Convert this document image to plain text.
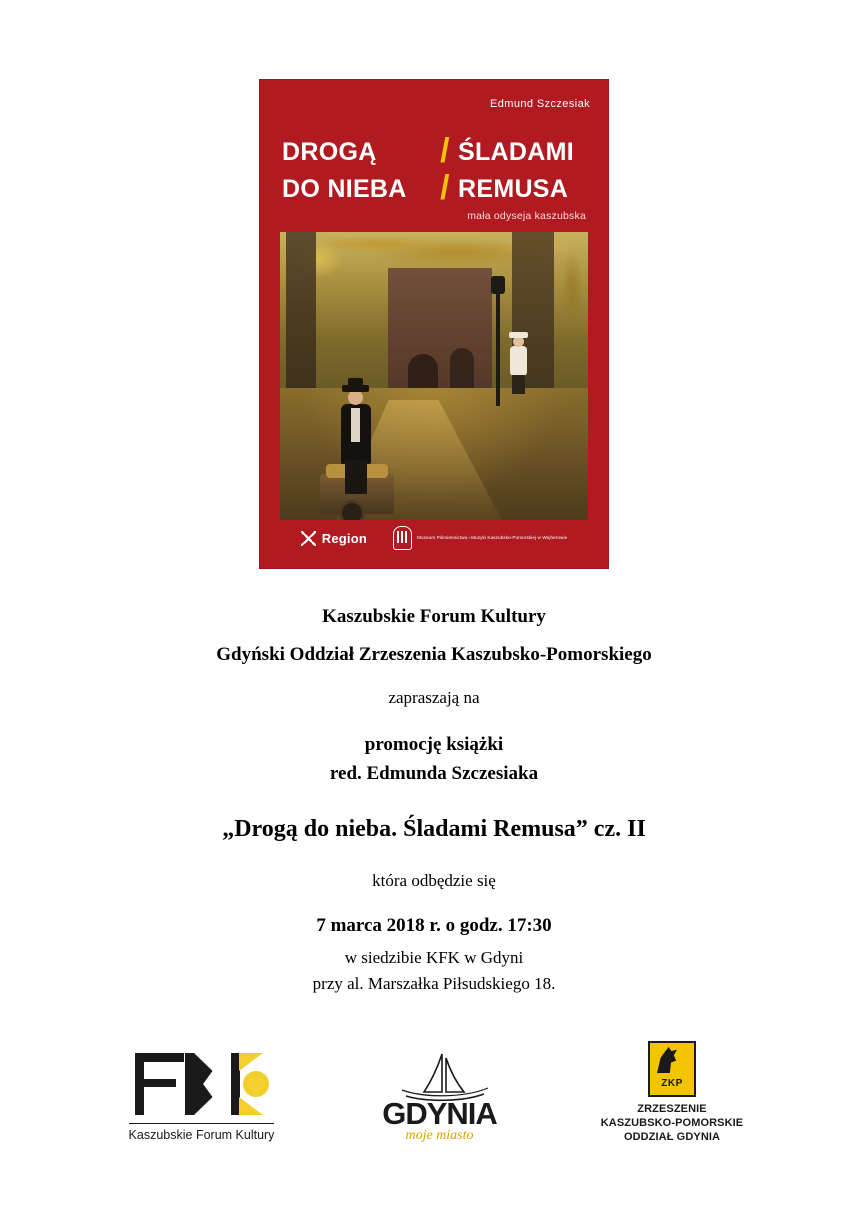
Edmund Szczesiak
DROGĄ	/ ŚLADAMI
DO NIEBA / REMUSA
mała odyseja kaszubska
Region	Muzeum Piśmiennictwa i Muzyki Kaszubsko-Pomorskiej w Wejherowie

Kaszubskie Forum Kultury

Gdyński Oddział Zrzeszenia Kaszubsko-Pomorskiego

zapraszają na

promocję książki
red. Edmunda Szczesiaka

„Drogą do nieba. Śladami Remusa” cz. II

która odbędzie się

7 marca 2018 r. o godz. 17:30

w siedzibie KFK w Gdyni
przy al. Marszałka Piłsudskiego 18.

Kaszubskie Forum Kultury
GDYNIA
moje miasto
ZKP
ZRZESZENIE
KASZUBSKO-POMORSKIE
ODDZIAŁ GDYNIA
